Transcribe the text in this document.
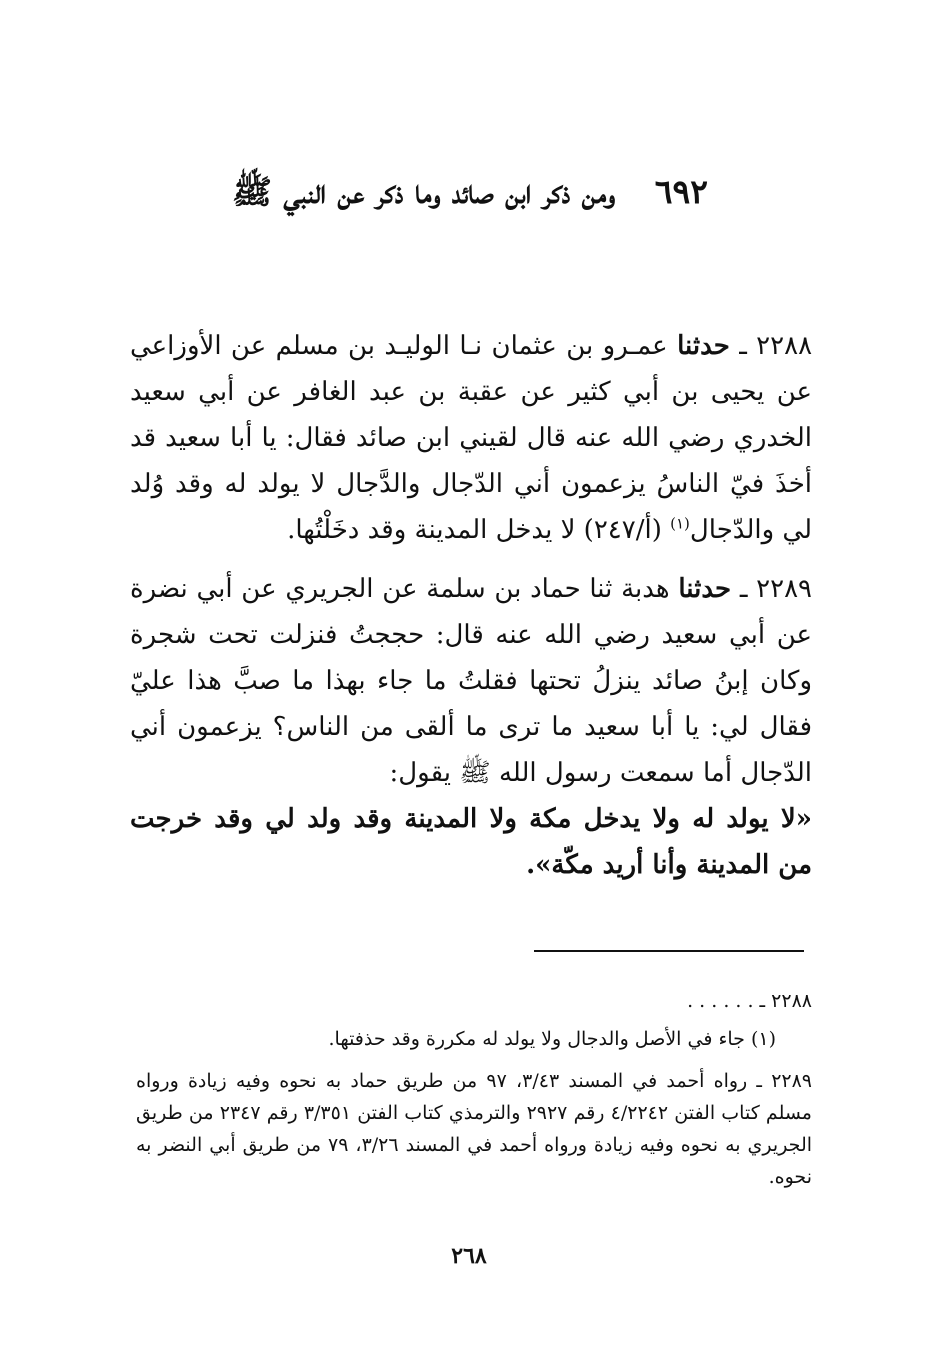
٦٩٢ ومن ذكر ابن صائد وما ذكر عن النبي ﷺ
٢٢٨٨ ـ حدثنا عمـرو بن عثمان نـا الوليـد بن مسلم عن الأوزاعي عن يحيى بن أبي كثير عن عقبة بن عبد الغافر عن أبي سعيد الخدري رضي الله عنه قال لقيني ابن صائد فقال: يا أبا سعيد قد أخذَ فيّ الناسُ يزعمون أني الدّجال والدَّجال لا يولد له وقد وُلد لي والدّجال$^{(١)}$ (أ/٢٤٧) لا يدخل المدينة وقد دخَلْتُها.
٢٢٨٩ ـ حدثنا هدبة ثنا حماد بن سلمة عن الجريري عن أبي نضرة عن أبي سعيد رضي الله عنه قال: حججتُ فنزلت تحت شجرة وكان إبنُ صائد ينزلُ تحتها فقلتُ ما جاء بهذا ما صبَّ هذا عليّ فقال لي: يا أبا سعيد ما ترى ما ألقى من الناس؟ يزعمون أني الدّجال أما سمعت رسول الله ﷺ يقول:
«لا يولد له ولا يدخل مكة ولا المدينة وقد ولد لي وقد خرجت من المدينة وأنا أريد مكّة».

٢٢٨٨ ـ . . . . . .

(١) جاء في الأصل والدجال ولا يولد له مكررة وقد حذفتها.

٢٢٨٩ ـ رواه أحمد في المسند ٣/٤٣، ٩٧ من طريق حماد به نحوه وفيه زيادة ورواه مسلم كتاب الفتن ٤/٢٢٤٢ رقم ٢٩٢٧ والترمذي كتاب الفتن ٣/٣٥١ رقم ٢٣٤٧ من طريق الجريري به نحوه وفيه زيادة ورواه أحمد في المسند ٣/٢٦، ٧٩ من طريق أبي النضر به نحوه.

٢٦٨
